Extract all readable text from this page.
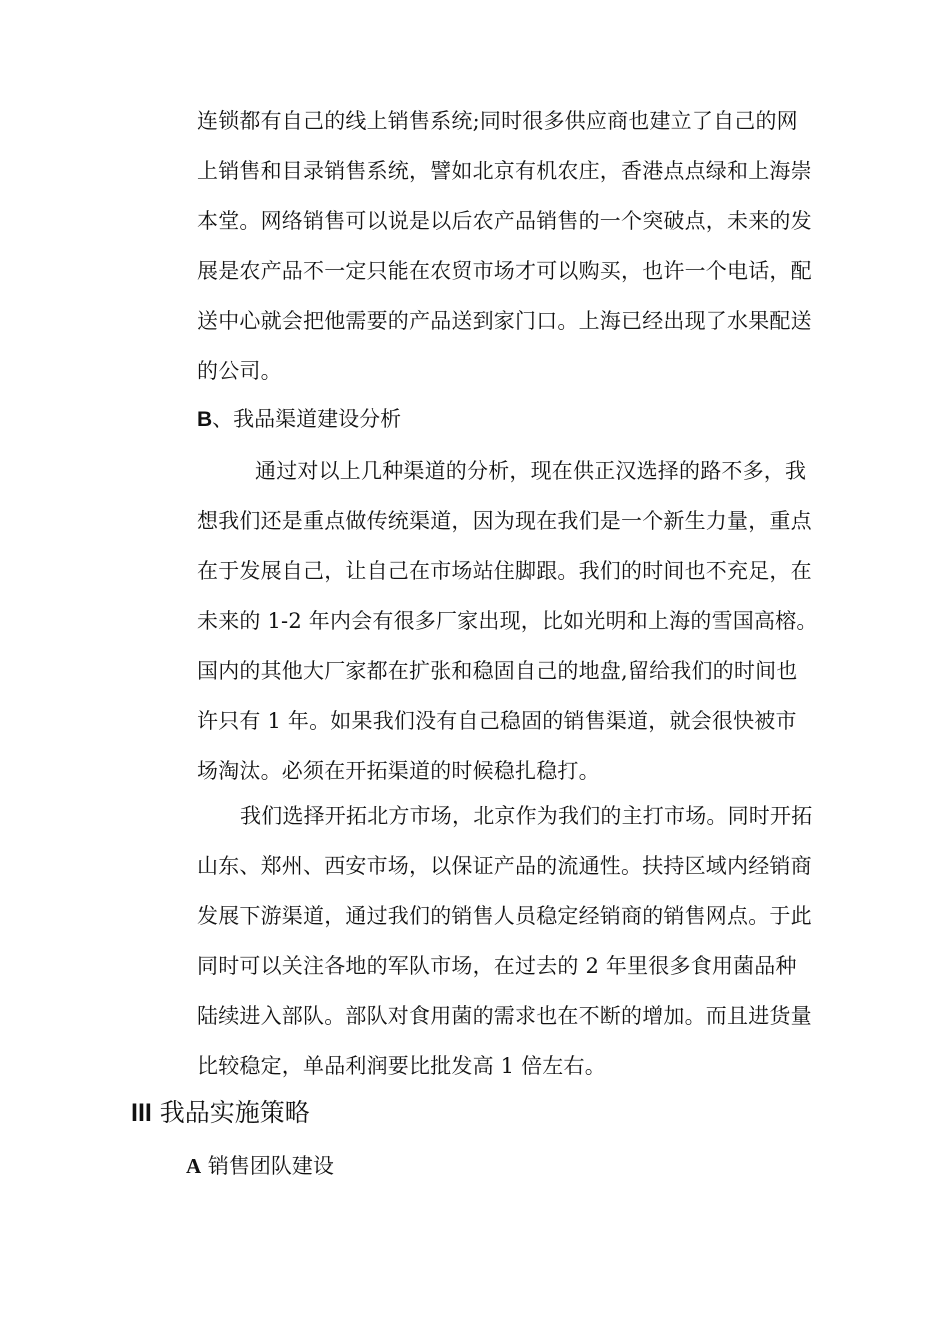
连锁都有自己的线上销售系统;同时很多供应商也建立了自己的网
上销售和目录销售系统，譬如北京有机农庄，香港点点绿和上海崇
本堂。网络销售可以说是以后农产品销售的一个突破点，未来的发
展是农产品不一定只能在农贸市场才可以购买，也许一个电话，配
送中心就会把他需要的产品送到家门口。上海已经出现了水果配送
的公司。
B、我品渠道建设分析
通过对以上几种渠道的分析，现在供正汉选择的路不多，我
想我们还是重点做传统渠道，因为现在我们是一个新生力量，重点
在于发展自己，让自己在市场站住脚跟。我们的时间也不充足，在
未来的 1-2 年内会有很多厂家出现，比如光明和上海的雪国高榕。
国内的其他大厂家都在扩张和稳固自己的地盘,留给我们的时间也
许只有 1 年。如果我们没有自己稳固的销售渠道，就会很快被市
场淘汰。必须在开拓渠道的时候稳扎稳打。
我们选择开拓北方市场，北京作为我们的主打市场。同时开拓
山东、郑州、西安市场，以保证产品的流通性。扶持区域内经销商
发展下游渠道，通过我们的销售人员稳定经销商的销售网点。于此
同时可以关注各地的军队市场，在过去的 2 年里很多食用菌品种
陆续进入部队。部队对食用菌的需求也在不断的增加。而且进货量
比较稳定，单品利润要比批发高 1 倍左右。
III 我品实施策略
A 销售团队建设
